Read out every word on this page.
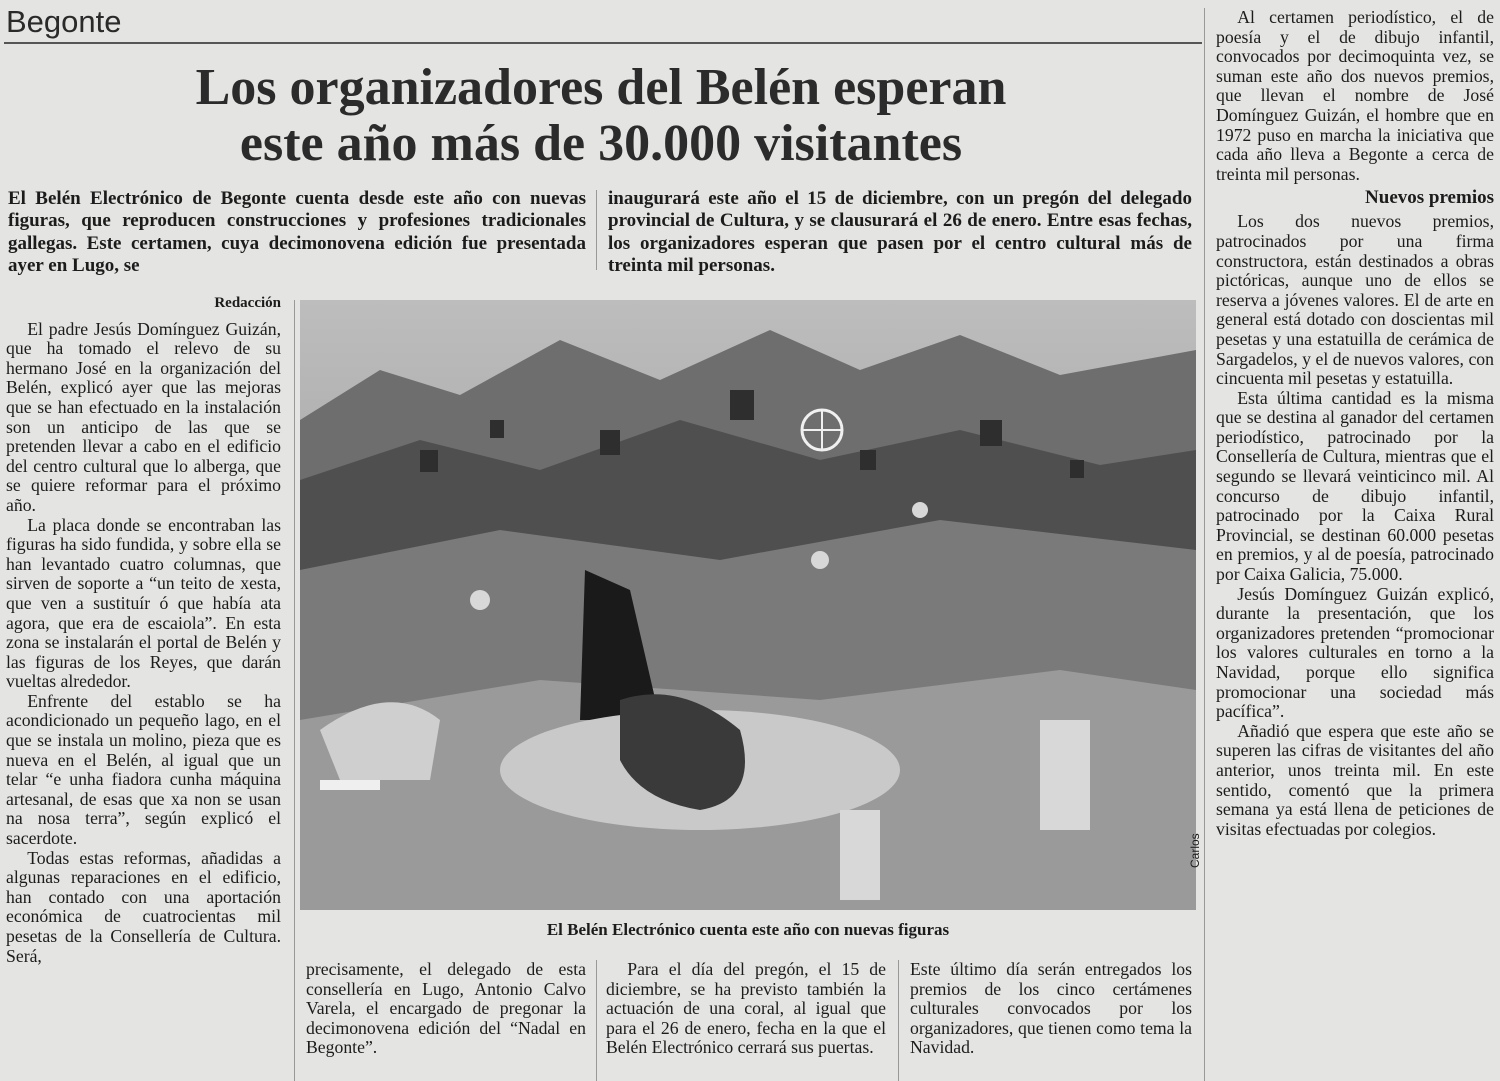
Begonte
Los organizadores del Belén esperan
este año más de 30.000 visitantes

El Belén Electrónico de Begonte cuenta desde este año con nuevas figuras, que reproducen construcciones y profesiones tradicionales gallegas. Este certamen, cuya decimonovena edición fue presentada ayer en Lugo, se

inaugurará este año el 15 de diciembre, con un pregón del delegado provincial de Cultura, y se clausurará el 26 de enero. Entre esas fechas, los organizadores esperan que pasen por el centro cultural más de treinta mil personas.

Redacción

El padre Jesús Domínguez Guizán, que ha tomado el relevo de su hermano José en la organización del Belén, explicó ayer que las mejoras que se han efectuado en la instalación son un anticipo de las que se pretenden llevar a cabo en el edificio del centro cultural que lo alberga, que se quiere reformar para el próximo año.

La placa donde se encontraban las figuras ha sido fundida, y sobre ella se han levantado cuatro columnas, que sirven de soporte a “un teito de xesta, que ven a sustituír ó que había ata agora, que era de escaiola”. En esta zona se instalarán el portal de Belén y las figuras de los Reyes, que darán vueltas alrededor.

Enfrente del establo se ha acondicionado un pequeño lago, en el que se instala un molino, pieza que es nueva en el Belén, al igual que un telar “e unha fiadora cunha máquina artesanal, de esas que xa non se usan na nosa terra”, según explicó el sacerdote.

Todas estas reformas, añadidas a algunas reparaciones en el edificio, han contado con una aportación económica de cuatrocientas mil pesetas de la Consellería de Cultura. Será,

Carlos

El Belén Electrónico cuenta este año con nuevas figuras

precisamente, el delegado de esta consellería en Lugo, Antonio Calvo Varela, el encargado de pregonar la decimonovena edición del “Nadal en Begonte”.

Para el día del pregón, el 15 de diciembre, se ha previsto también la actuación de una coral, al igual que para el 26 de enero, fecha en la que el Belén Electrónico cerrará sus puertas.

Este último día serán entregados los premios de los cinco certámenes culturales convocados por los organizadores, que tienen como tema la Navidad.

Al certamen periodístico, el de poesía y el de dibujo infantil, convocados por decimoquinta vez, se suman este año dos nuevos premios, que llevan el nombre de José Domínguez Guizán, el hombre que en 1972 puso en marcha la iniciativa que cada año lleva a Begonte a cerca de treinta mil personas.

Nuevos premios

Los dos nuevos premios, patrocinados por una firma constructora, están destinados a obras pictóricas, aunque uno de ellos se reserva a jóvenes valores. El de arte en general está dotado con doscientas mil pesetas y una estatuilla de cerámica de Sargadelos, y el de nuevos valores, con cincuenta mil pesetas y estatuilla.

Esta última cantidad es la misma que se destina al ganador del certamen periodístico, patrocinado por la Consellería de Cultura, mientras que el segundo se llevará veinticinco mil. Al concurso de dibujo infantil, patrocinado por la Caixa Rural Provincial, se destinan 60.000 pesetas en premios, y al de poesía, patrocinado por Caixa Galicia, 75.000.

Jesús Domínguez Guizán explicó, durante la presentación, que los organizadores pretenden “promocionar los valores culturales en torno a la Navidad, porque ello significa promocionar una sociedad más pacífica”.

Añadió que espera que este año se superen las cifras de visitantes del año anterior, unos treinta mil. En este sentido, comentó que la primera semana ya está llena de peticiones de visitas efectuadas por colegios.
